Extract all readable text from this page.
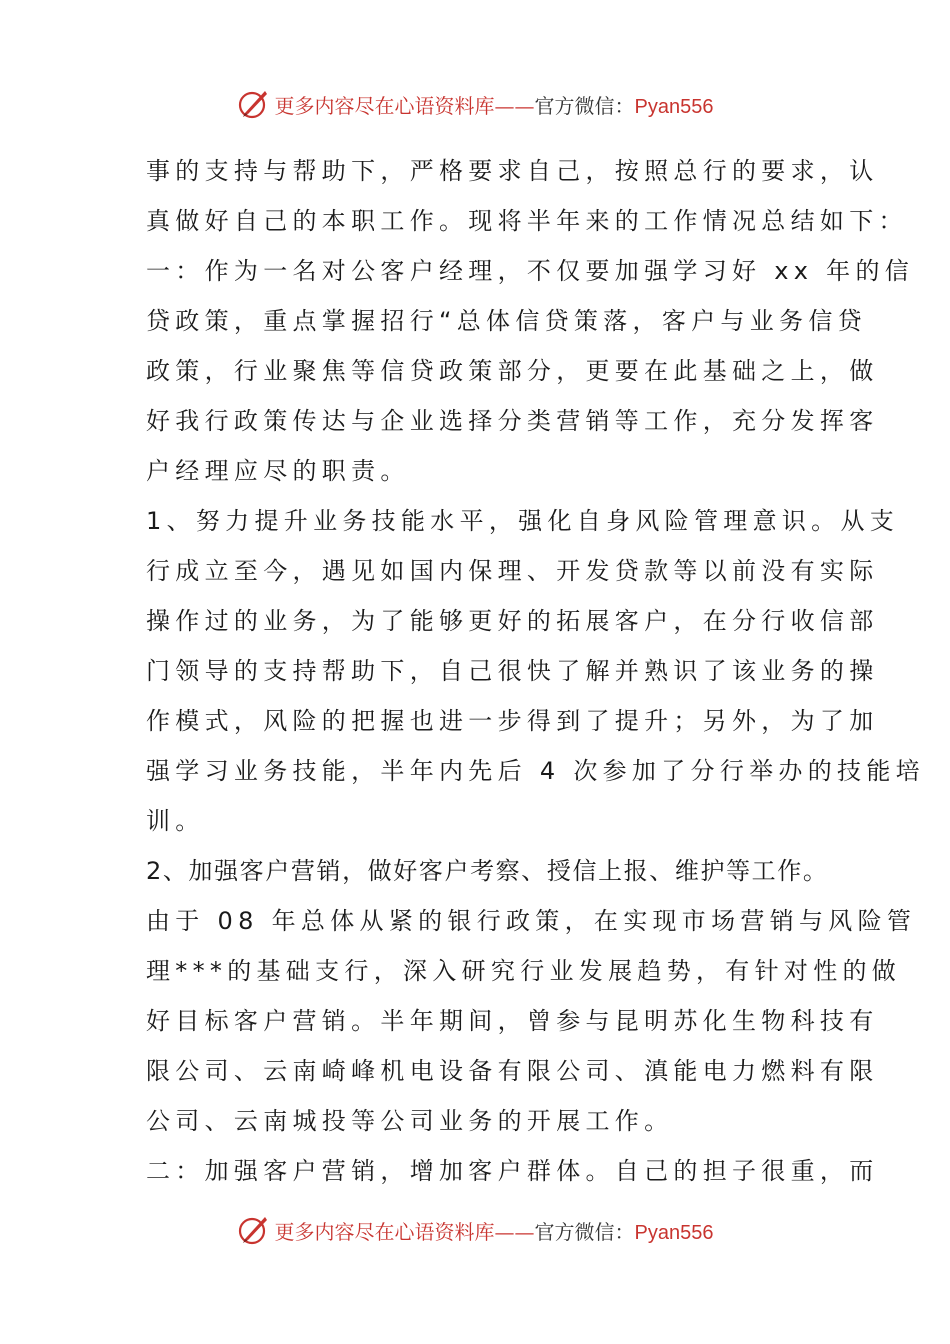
更多内容尽在心语资料库——官方微信：Pyan556
事的支持与帮助下，严格要求自己，按照总行的要求，认
真做好自己的本职工作。现将半年来的工作情况总结如下：
一：作为一名对公客户经理，不仅要加强学习好 xx 年的信
贷政策，重点掌握招行“总体信贷策落，客户与业务信贷
政策，行业聚焦等信贷政策部分，更要在此基础之上，做
好我行政策传达与企业选择分类营销等工作，充分发挥客
户经理应尽的职责。
1、努力提升业务技能水平，强化自身风险管理意识。从支
行成立至今，遇见如国内保理、开发贷款等以前没有实际
操作过的业务，为了能够更好的拓展客户，在分行收信部
门领导的支持帮助下，自己很快了解并熟识了该业务的操
作模式，风险的把握也进一步得到了提升；另外，为了加
强学习业务技能，半年内先后 4 次参加了分行举办的技能培
训。
2、加强客户营销，做好客户考察、授信上报、维护等工作。
由于 08 年总体从紧的银行政策，在实现市场营销与风险管
理***的基础支行，深入研究行业发展趋势，有针对性的做
好目标客户营销。半年期间，曾参与昆明苏化生物科技有
限公司、云南崎峰机电设备有限公司、滇能电力燃料有限
公司、云南城投等公司业务的开展工作。
二：加强客户营销，增加客户群体。自己的担子很重，而
更多内容尽在心语资料库——官方微信：Pyan556
